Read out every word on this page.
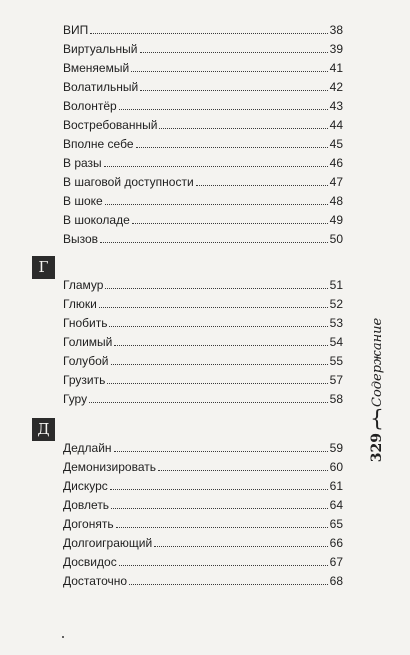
ВИП	38
Виртуальный	39
Вменяемый	41
Волатильный	42
Волонтёр	43
Востребованный	44
Вполне себе	45
В разы	46
В шаговой доступности	47
В шоке	48
В шоколаде	49
Вызов	50
Г
Гламур	51
Глюки	52
Гнобить	53
Голимый	54
Голубой	55
Грузить	57
Гуру	58
Д
Дедлайн	59
Демонизировать	60
Дискурс	61
Довлеть	64
Догонять	65
Долгоиграющий	66
Досвидос	67
Достаточно	68
329
{
Содержание
